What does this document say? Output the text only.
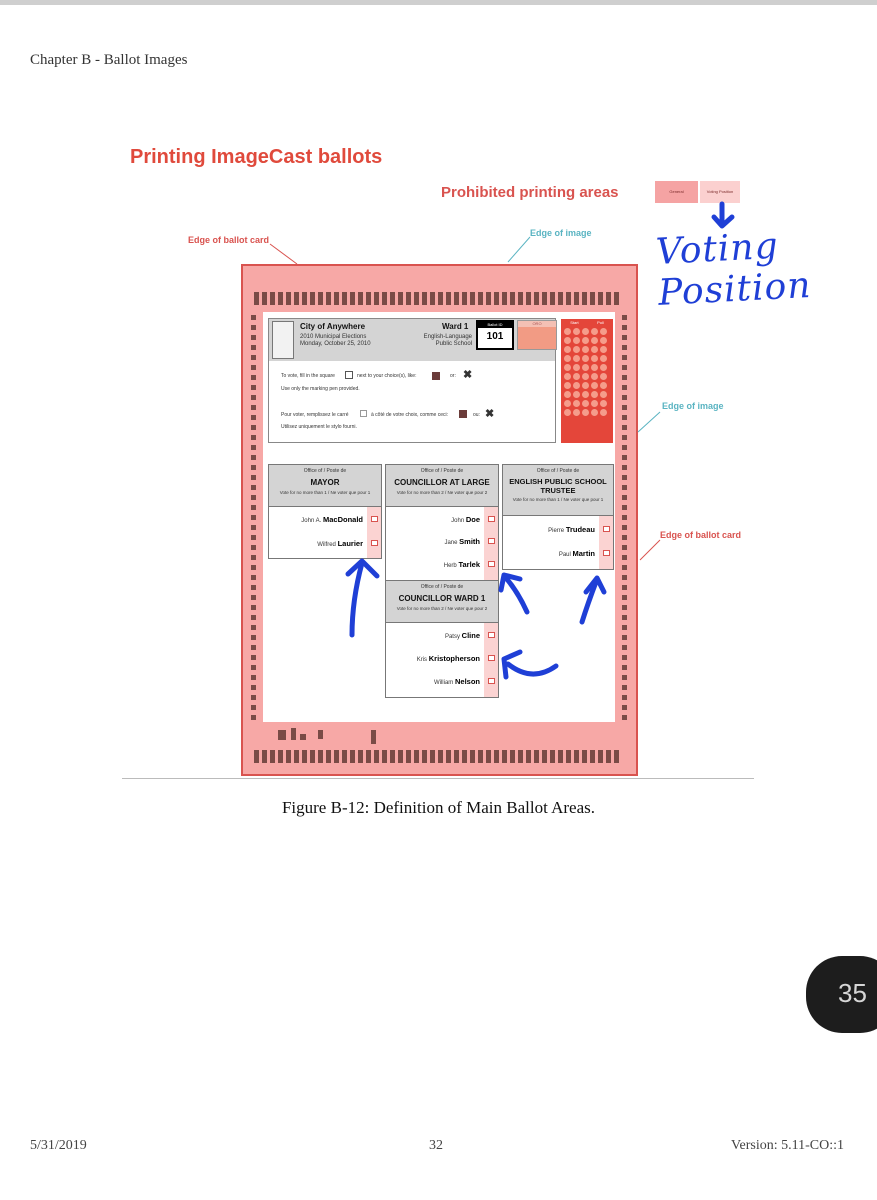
Chapter B - Ballot Images
Printing ImageCast ballots
Prohibited printing areas	General	Voting Position
Edge of ballot card
Edge of image
Edge of image
Edge of ballot card
City of Anywhere
2010 Municipal Elections
Monday, October 25, 2010
Ward 1
English-Language Public School
Ballot ID
101
ORO	Start	Poll
To vote, fill in the square	next to your choice(s), like:	or: ✖
Use only the marking pen provided.
Pour voter, remplissez le carré	à côté de votre choix, comme ceci:	ou: ✖
Utilisez uniquement le stylo fourni.
Office of / Poste de
MAYOR
Vote for no more than 1 / Ne voter que pour 1
John A. MacDonald
Wilfred Laurier
Office of / Poste de
COUNCILLOR AT LARGE
Vote for no more than 2 / Ne voter que pour 2
John Doe
Jane Smith
Herb Tarlek
Office of / Poste de
ENGLISH PUBLIC SCHOOL TRUSTEE
Vote for no more than 1 / Ne voter que pour 1
Pierre Trudeau
Paul Martin
Office of / Poste de
COUNCILLOR WARD 1
Vote for no more than 2 / Ne voter que pour 2
Patsy Cline
Kris Kristopherson
William Nelson
Voting Position
Figure B-12: Definition of Main Ballot Areas.
35
5/31/2019	32	Version: 5.11-CO::1
